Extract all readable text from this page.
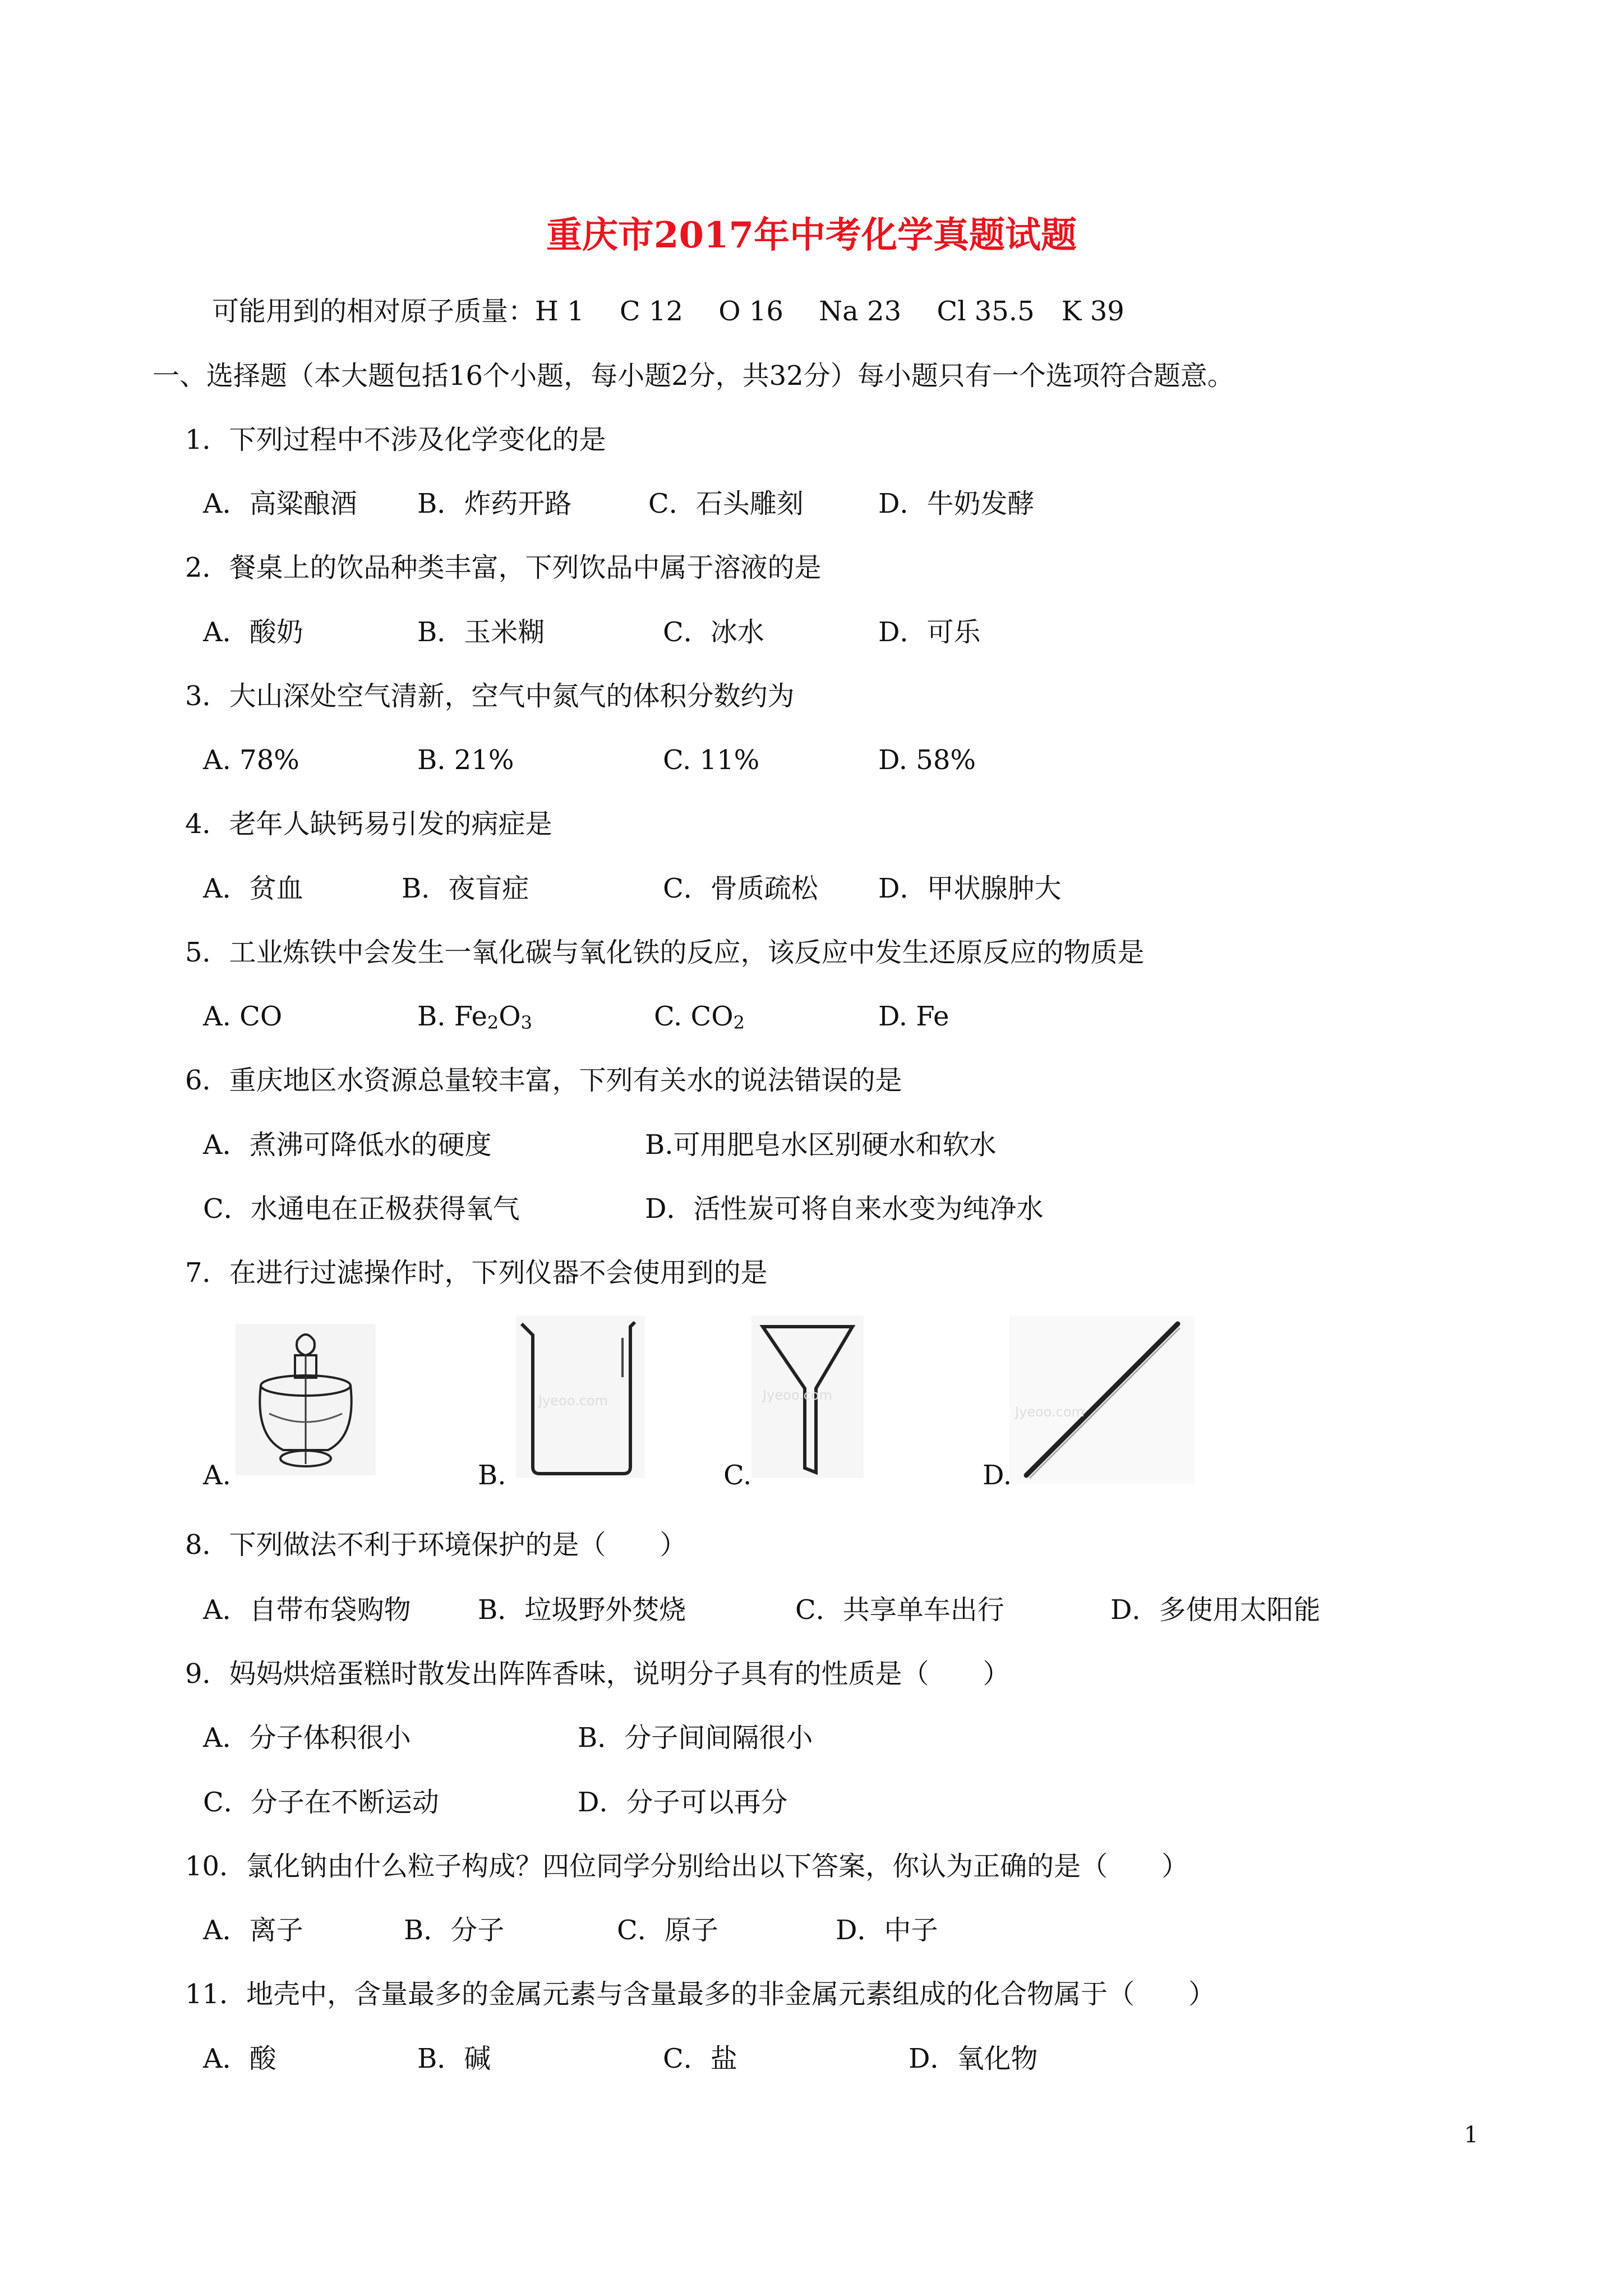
重庆市2017年中考化学真题试题
可能用到的相对原子质量：H 1　 C 12　 O 16　 Na 23　 Cl 35.5　K 39
一、选择题（本大题包括16个小题，每小题2分，共32分）每小题只有一个选项符合题意。
1．下列过程中不涉及化学变化的是
A．高粱酿酒 B．炸药开路	C．石头雕刻	D．牛奶发酵
2．餐桌上的饮品种类丰富，下列饮品中属于溶液的是
A．酸奶	B．玉米糊	C．冰水	D．可乐
3．大山深处空气清新，空气中氮气的体积分数约为
A. 78%	B. 21%	C. 11%	D. 58%
4．老年人缺钙易引发的病症是
A．贫血	B．夜盲症	C．骨质疏松 D．甲状腺肿大
5．工业炼铁中会发生一氧化碳与氧化铁的反应，该反应中发生还原反应的物质是
A. CO	B. $Fe_2O_3$	C. $CO_2$	D. Fe
6．重庆地区水资源总量较丰富，下列有关水的说法错误的是
A．煮沸可降低水的硬度	B.可用肥皂水区别硬水和软水
C．水通电在正极获得氧气	D．活性炭可将自来水变为纯净水
7．在进行过滤操作时，下列仪器不会使用到的是
Jyeoo.com	Jyeoo.com
Jyeoo.com
A.	B.	C.	D.
8．下列做法不利于环境保护的是（　　）
A．自带布袋购物 B．垃圾野外焚烧	C．共享单车出行	D．多使用太阳能
9．妈妈烘焙蛋糕时散发出阵阵香味，说明分子具有的性质是（　　）
A．分子体积很小	B．分子间间隔很小
C．分子在不断运动	D．分子可以再分
10．氯化钠由什么粒子构成？四位同学分别给出以下答案，你认为正确的是（　　）
A．离子	B．分子	C．原子	D．中子
11．地壳中，含量最多的金属元素与含量最多的非金属元素组成的化合物属于（　　）
A．酸	B．碱	C．盐	D．氧化物
1
